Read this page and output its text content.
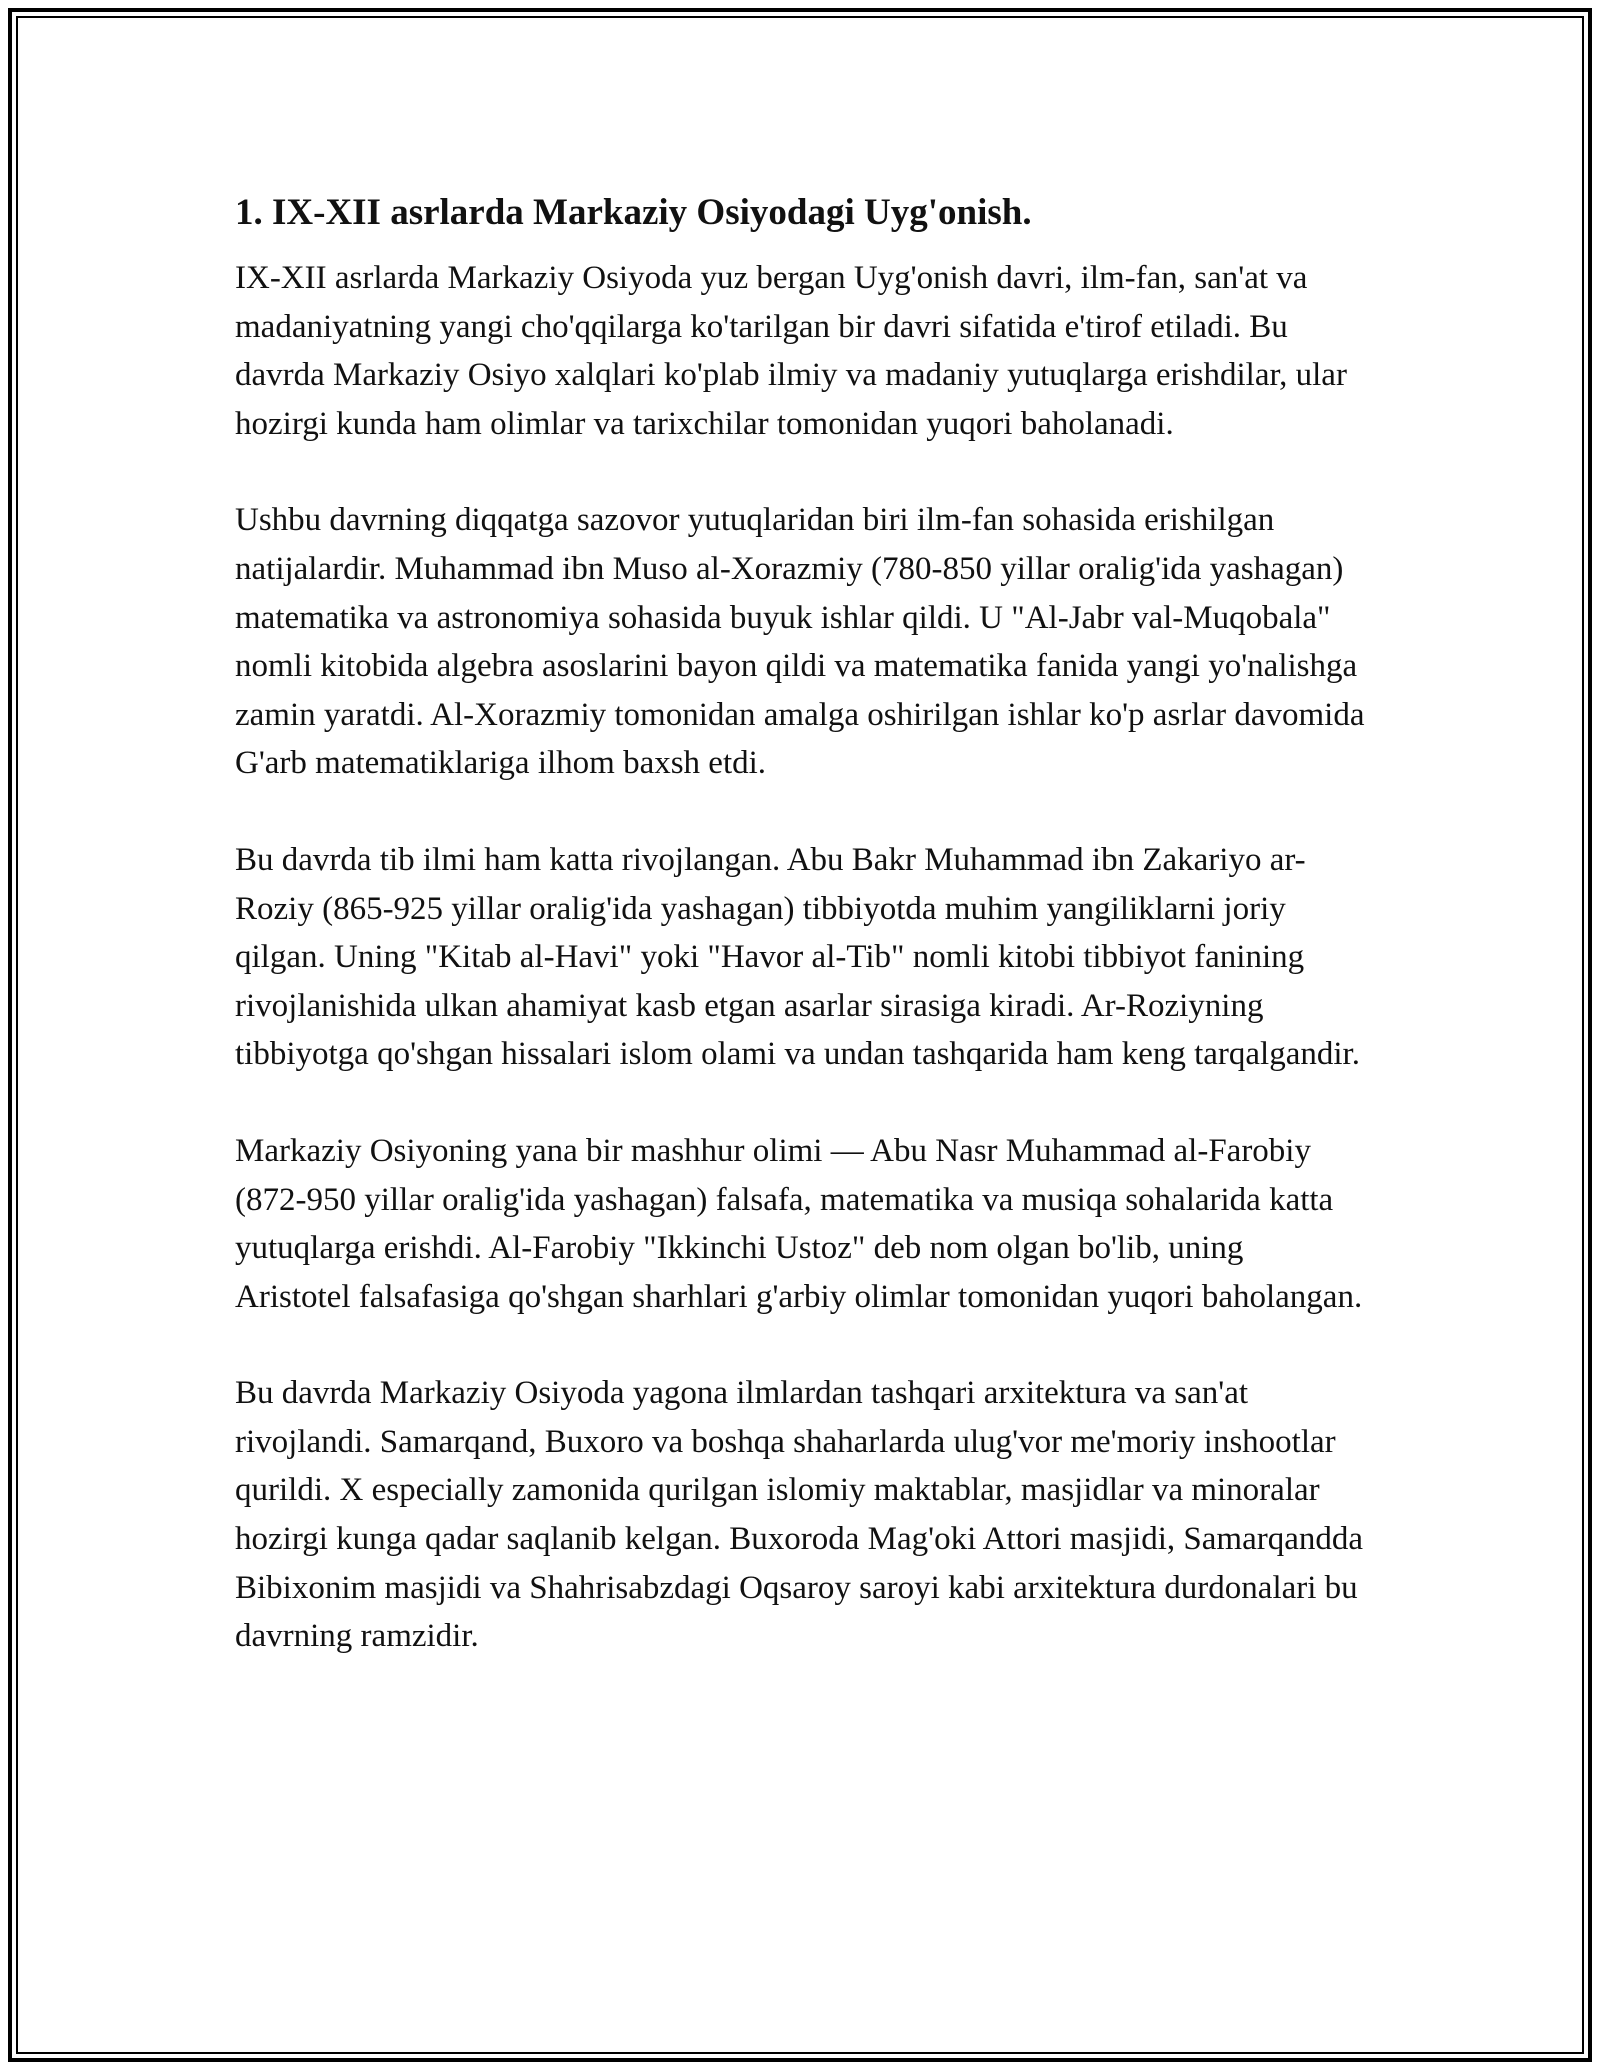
1. IX-XII asrlarda Markaziy Osiyodagi Uyg'onish.

IX-XII asrlarda Markaziy Osiyoda yuz bergan Uyg'onish davri, ilm-fan, san'at va madaniyatning yangi cho'qqilarga ko'tarilgan bir davri sifatida e'tirof etiladi. Bu davrda Markaziy Osiyo xalqlari ko'plab ilmiy va madaniy yutuqlarga erishdilar, ular hozirgi kunda ham olimlar va tarixchilar tomonidan yuqori baholanadi.

Ushbu davrning diqqatga sazovor yutuqlaridan biri ilm-fan sohasida erishilgan natijalardir. Muhammad ibn Muso al-Xorazmiy (780-850 yillar oralig'ida yashagan) matematika va astronomiya sohasida buyuk ishlar qildi. U "Al-Jabr val-Muqobala" nomli kitobida algebra asoslarini bayon qildi va matematika fanida yangi yo'nalishga zamin yaratdi. Al-Xorazmiy tomonidan amalga oshirilgan ishlar ko'p asrlar davomida G'arb matematiklariga ilhom baxsh etdi.

Bu davrda tib ilmi ham katta rivojlangan. Abu Bakr Muhammad ibn Zakariyo ar-Roziy (865-925 yillar oralig'ida yashagan) tibbiyotda muhim yangiliklarni joriy qilgan. Uning "Kitab al-Havi" yoki "Havor al-Tib" nomli kitobi tibbiyot fanining rivojlanishida ulkan ahamiyat kasb etgan asarlar sirasiga kiradi. Ar-Roziyning tibbiyotga qo'shgan hissalari islom olami va undan tashqarida ham keng tarqalgandir.

Markaziy Osiyoning yana bir mashhur olimi — Abu Nasr Muhammad al-Farobiy (872-950 yillar oralig'ida yashagan) falsafa, matematika va musiqa sohalarida katta yutuqlarga erishdi. Al-Farobiy "Ikkinchi Ustoz" deb nom olgan bo'lib, uning Aristotel falsafasiga qo'shgan sharhlari g'arbiy olimlar tomonidan yuqori baholangan.

Bu davrda Markaziy Osiyoda yagona ilmlardan tashqari arxitektura va san'at rivojlandi. Samarqand, Buxoro va boshqa shaharlarda ulug'vor me'moriy inshootlar qurildi. X especially zamonida qurilgan islomiy maktablar, masjidlar va minoralar hozirgi kunga qadar saqlanib kelgan. Buxoroda Mag'oki Attori masjidi, Samarqandda Bibixonim masjidi va Shahrisabzdagi Oqsaroy saroyi kabi arxitektura durdonalari bu davrning ramzidir.
